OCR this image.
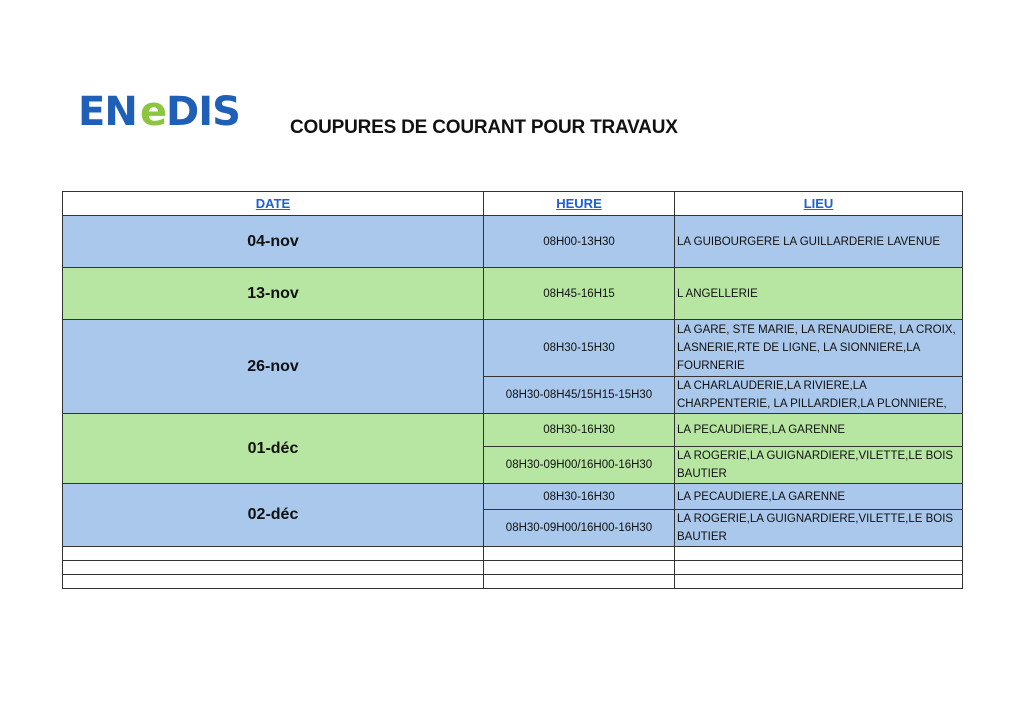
EN e
DIS	COUPURES DE COURANT POUR TRAVAUX
DATE	HEURE	LIEU
04-nov	08H00-13H30	LA GUIBOURGERE LA GUILLARDERIE LAVENUE
13-nov	08H45-16H15	L ANGELLERIE
26-nov	08H30-15H30	LA GARE, STE MARIE, LA RENAUDIERE, LA CROIX, LASNERIE,RTE DE LIGNE, LA SIONNIERE,LA FOURNERIE
	08H30-08H45/15H15-15H30	LA CHARLAUDERIE,LA RIVIERE,LA CHARPENTERIE, LA PILLARDIER,LA PLONNIERE,
01-déc	08H30-16H30	LA PECAUDIERE,LA GARENNE
	08H30-09H00/16H00-16H30	LA ROGERIE,LA GUIGNARDIERE,VILETTE,LE BOIS BAUTIER
02-déc	08H30-16H30	LA PECAUDIERE,LA GARENNE
	08H30-09H00/16H00-16H30	LA ROGERIE,LA GUIGNARDIERE,VILETTE,LE BOIS BAUTIER
